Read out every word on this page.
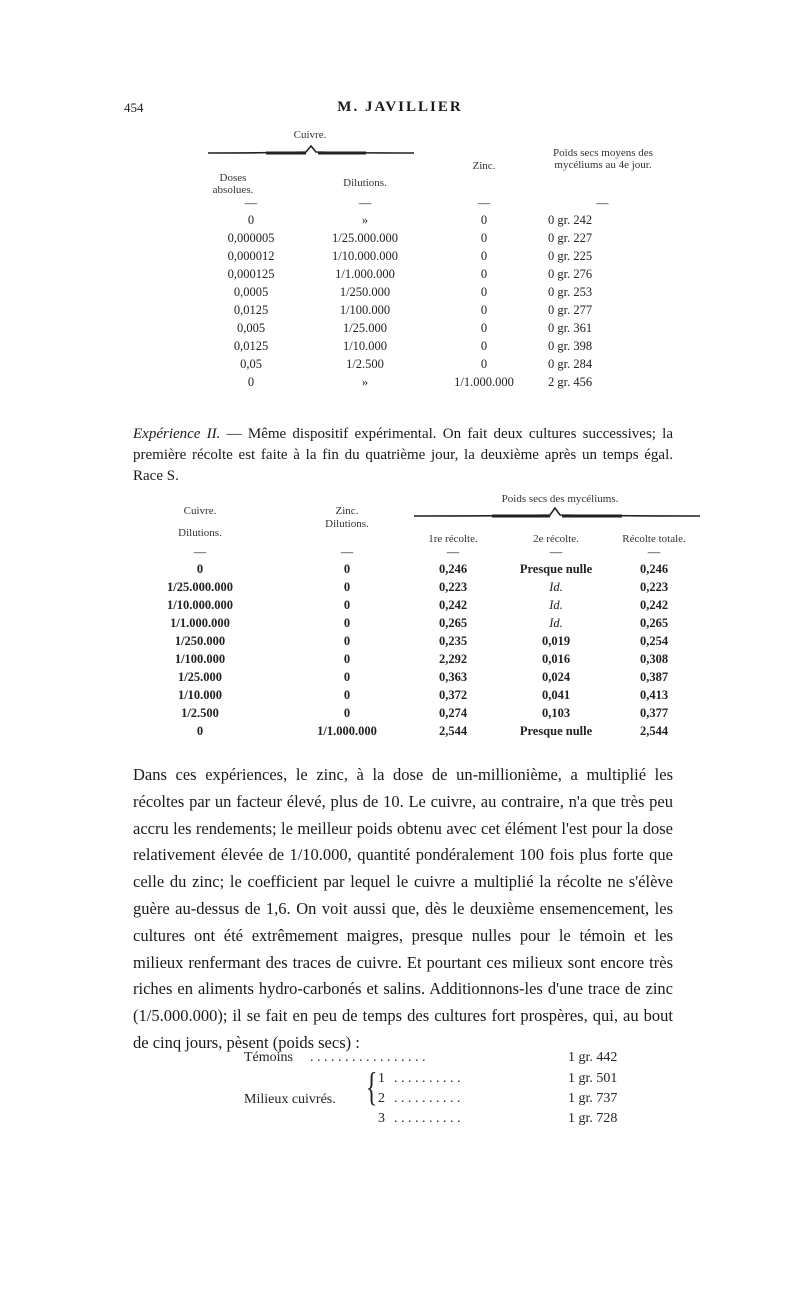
454	M. JAVILLIER
Cuivre.
Doses absolues.
Dilutions.
Zinc.
Poids secs moyens des mycéliums au 4e jour.
—	—	—	—
0	»	0	0 gr. 242
0,000005	1/25.000.000	0	0 gr. 227
0,000012	1/10.000.000	0	0 gr. 225
0,000125	1/1.000.000	0	0 gr. 276
0,0005	1/250.000	0	0 gr. 253
0,0125	1/100.000	0	0 gr. 277
0,005	1/25.000	0	0 gr. 361
0,0125	1/10.000	0	0 gr. 398
0,05	1/2.500	0	0 gr. 284
0	»	1/1.000.000	2 gr. 456
Expérience II. — Même dispositif expérimental. On fait deux cultures successives; la première récolte est faite à la fin du quatrième jour, la deuxième après un temps égal. Race S.
Cuivre.
Dilutions.
Zinc.
Dilutions.
Poids secs des mycéliums.
1re récolte.	2e récolte.	Récolte totale.
—	—	—	—	—
0	0	0,246	Presque nulle	0,246
1/25.000.000	0	0,223	Id.	0,223
1/10.000.000	0	0,242	Id.	0,242
1/1.000.000	0	0,265	Id.	0,265
1/250.000	0	0,235	0,019	0,254
1/100.000	0	2,292	0,016	0,308
1/25.000	0	0,363	0,024	0,387
1/10.000	0	0,372	0,041	0,413
1/2.500	0	0,274	0,103	0,377
0	1/1.000.000	2,544	Presque nulle	2,544
Dans ces expériences, le zinc, à la dose de un-millionième, a multiplié les récoltes par un facteur élevé, plus de 10. Le cuivre, au contraire, n'a que très peu accru les rendements; le meilleur poids obtenu avec cet élément l'est pour la dose relativement élevée de 1/10.000, quantité pondéralement 100 fois plus forte que celle du zinc; le coefficient par lequel le cuivre a multiplié la récolte ne s'élève guère au-dessus de 1,6. On voit aussi que, dès le deuxième ensemencement, les cultures ont été extrêmement maigres, presque nulles pour le témoin et les milieux renfermant des traces de cuivre. Et pourtant ces milieux sont encore très riches en aliments hydro-carbonés et salins. Additionnons-les d'une trace de zinc (1/5.000.000); il se fait en peu de temps des cultures fort prospères, qui, au bout de cinq jours, pèsent (poids secs) :
Témoins . . . . . . . . . . . . . . . . .	1 gr. 442
Milieux cuivrés. { 1 . . . . . . . . . .	1 gr. 501
2 . . . . . . . . . .	1 gr. 737
3 . . . . . . . . . .	1 gr. 728
